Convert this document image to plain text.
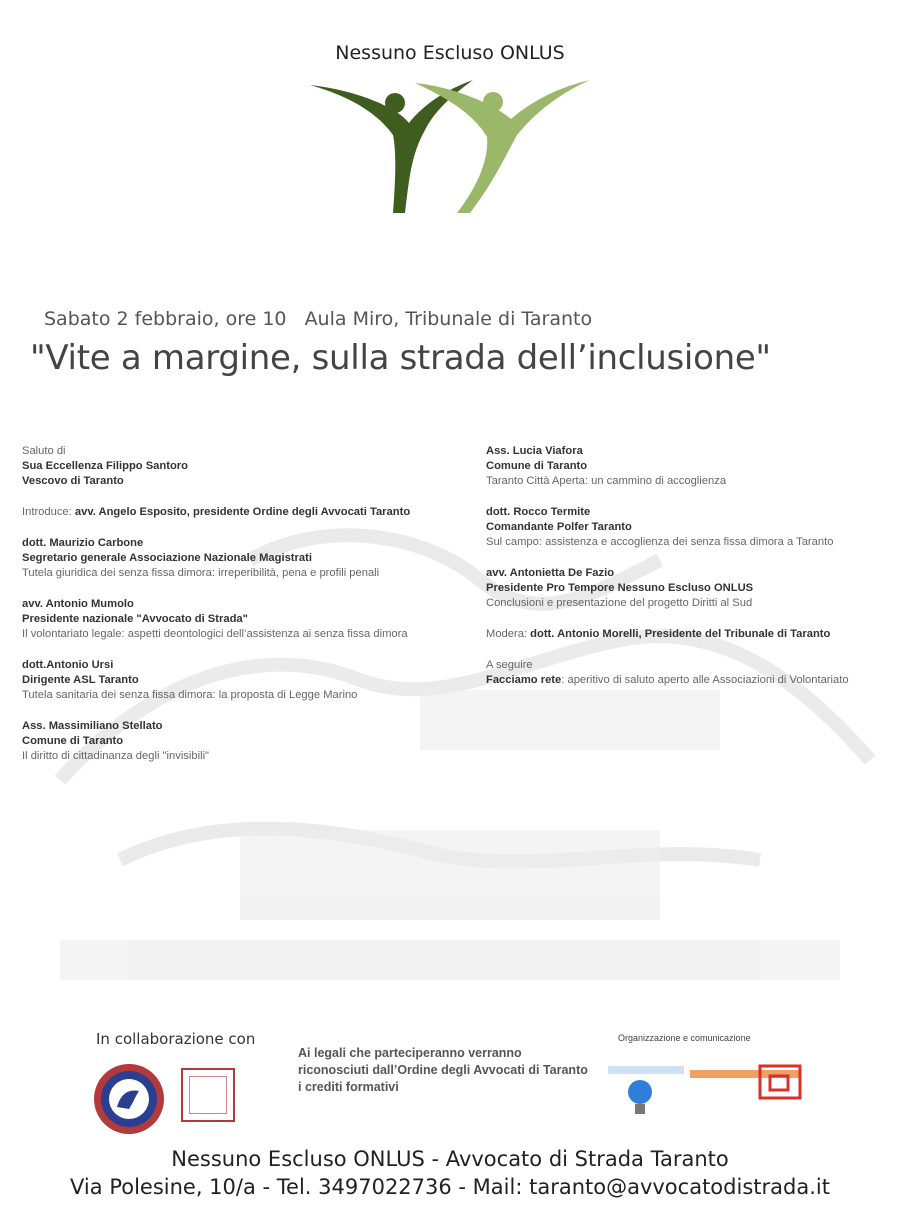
Nessuno Escluso ONLUS
Sabato 2 febbraio, ore 10 Aula Miro, Tribunale di Taranto
"Vite a margine, sulla strada dell’inclusione"
Saluto di
Sua Eccellenza Filippo Santoro
Vescovo di Taranto
Introduce: avv. Angelo Esposito, presidente Ordine degli Avvocati Taranto
dott. Maurizio Carbone
Segretario generale Associazione Nazionale Magistrati
Tutela giuridica dei senza fissa dimora: irreperibilità, pena e profili penali
avv. Antonio Mumolo
Presidente nazionale "Avvocato di Strada"
Il volontariato legale: aspetti deontologici dell’assistenza ai senza fissa dimora
dott.Antonio Ursi
Dirigente ASL Taranto
Tutela sanitaria dei senza fissa dimora: la proposta di Legge Marino
Ass. Massimiliano Stellato
Comune di Taranto
Il diritto di cittadinanza degli "invisibili"
Ass. Lucia Viafora
Comune di Taranto
Taranto Città Aperta: un cammino di accoglienza
dott. Rocco Termite
Comandante Polfer Taranto
Sul campo: assistenza e accoglienza dei senza fissa dimora a Taranto
avv. Antonietta De Fazio
Presidente Pro Tempore Nessuno Escluso ONLUS
Conclusioni e presentazione del progetto Diritti al Sud
Modera: dott. Antonio Morelli, Presidente del Tribunale di Taranto
A seguire
Facciamo rete: aperitivo di saluto aperto alle Associazioni di Volontariato
In collaborazione con
Ai legali che parteciperanno verranno riconosciuti dall’Ordine degli Avvocati di Taranto i crediti formativi
Organizzazione e comunicazione
Nessuno Escluso ONLUS - Avvocato di Strada Taranto
Via Polesine, 10/a - Tel. 3497022736 - Mail: taranto@avvocatodistrada.it
